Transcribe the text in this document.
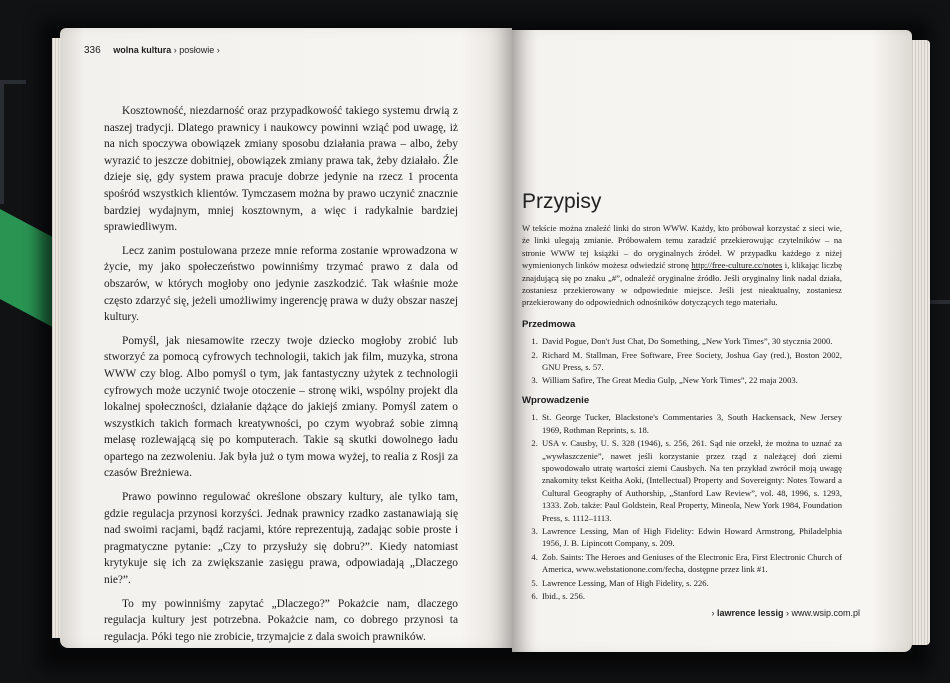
336 wolna kultura › posłowie ›

Kosztowność, niezdarność oraz przypadkowość takiego systemu drwią z naszej tradycji. Dlatego prawnicy i naukowcy powinni wziąć pod uwagę, iż na nich spoczywa obowiązek zmiany sposobu działania prawa – albo, żeby wyrazić to jeszcze dobitniej, obowiązek zmiany prawa tak, żeby działało. Źle dzieje się, gdy system prawa pracuje dobrze jedynie na rzecz 1 procenta spośród wszystkich klientów. Tymczasem można by prawo uczynić znacznie bardziej wydajnym, mniej kosztownym, a więc i radykalnie bardziej sprawiedliwym.

Lecz zanim postulowana przeze mnie reforma zostanie wprowadzona w życie, my jako społeczeństwo powinniśmy trzymać prawo z dala od obszarów, w których mogłoby ono jedynie zaszkodzić. Tak właśnie może często zdarzyć się, jeżeli umożliwimy ingerencję prawa w duży obszar naszej kultury.

Pomyśl, jak niesamowite rzeczy twoje dziecko mogłoby zrobić lub stworzyć za pomocą cyfrowych technologii, takich jak film, muzyka, strona WWW czy blog. Albo pomyśl o tym, jak fantastyczny użytek z technologii cyfrowych może uczynić twoje otoczenie – stronę wiki, wspólny projekt dla lokalnej społeczności, działanie dążące do jakiejś zmiany. Pomyśl zatem o wszystkich takich formach kreatywności, po czym wyobraź sobie zimną melasę rozlewającą się po komputerach. Takie są skutki dowolnego ładu opartego na zezwoleniu. Jak była już o tym mowa wyżej, to realia z Rosji za czasów Breżniewa.

Prawo powinno regulować określone obszary kultury, ale tylko tam, gdzie regulacja przynosi korzyści. Jednak prawnicy rzadko zastanawiają się nad swoimi racjami, bądź racjami, które reprezentują, zadając sobie proste i pragmatyczne pytanie: „Czy to przysłuży się dobru?”. Kiedy natomiast krytykuje się ich za zwiększanie zasięgu prawa, odpowiadają „Dlaczego nie?”.

To my powinniśmy zapytać „Dlaczego?” Pokażcie nam, dlaczego regulacja kultury jest potrzebna. Pokażcie nam, co dobrego przynosi ta regulacja. Póki tego nie zrobicie, trzymajcie z dala swoich prawników.

Przypisy

W tekście można znaleźć linki do stron WWW. Każdy, kto próbował korzystać z sieci wie, że linki ulegają zmianie. Próbowałem temu zaradzić przekierowując czytelników – na stronie WWW tej książki – do oryginalnych źródeł. W przypadku każdego z niżej wymienionych linków możesz odwiedzić stronę http://free-culture.cc/notes i, klikając liczbę znajdującą się po znaku „#”, odnaleźć oryginalne źródło. Jeśli oryginalny link nadal działa, zostaniesz przekierowany w odpowiednie miejsce. Jeśli jest nieaktualny, zostaniesz przekierowany do odpowiednich odnośników dotyczących tego materiału.

Przedmowa
1. David Pogue, Don't Just Chat, Do Something, „New York Times”, 30 stycznia 2000.
2. Richard M. Stallman, Free Software, Free Society, Joshua Gay (red.), Boston 2002, GNU Press, s. 57.
3. William Safire, The Great Media Gulp, „New York Times”, 22 maja 2003.
Wprowadzenie
1. St. George Tucker, Blackstone's Commentaries 3, South Hackensack, New Jersey 1969, Rothman Reprints, s. 18.
2. USA v. Causby, U. S. 328 (1946), s. 256, 261. Sąd nie orzekł, że można to uznać za „wywłaszczenie”, nawet jeśli korzystanie przez rząd z należącej doń ziemi spowodowało utratę wartości ziemi Causbych. Na ten przykład zwrócił moją uwagę znakomity tekst Keitha Aoki, (Intellectual) Property and Sovereignty: Notes Toward a Cultural Geography of Authorship, „Stanford Law Review”, vol. 48, 1996, s. 1293, 1333. Zob. także: Paul Goldstein, Real Property, Mineola, New York 1984, Foundation Press, s. 1112–1113.
3. Lawrence Lessing, Man of High Fidelity: Edwin Howard Armstrong, Philadelphia 1956, J. B. Lipincott Company, s. 209.
4. Zob. Saints: The Heroes and Geniuses of the Electronic Era, First Electronic Church of America, www.webstationone.com/fecha, dostępne przez link #1.
5. Lawrence Lessing, Man of High Fidelity, s. 226.
6. Ibid., s. 256.
› lawrence lessig › www.wsip.com.pl
